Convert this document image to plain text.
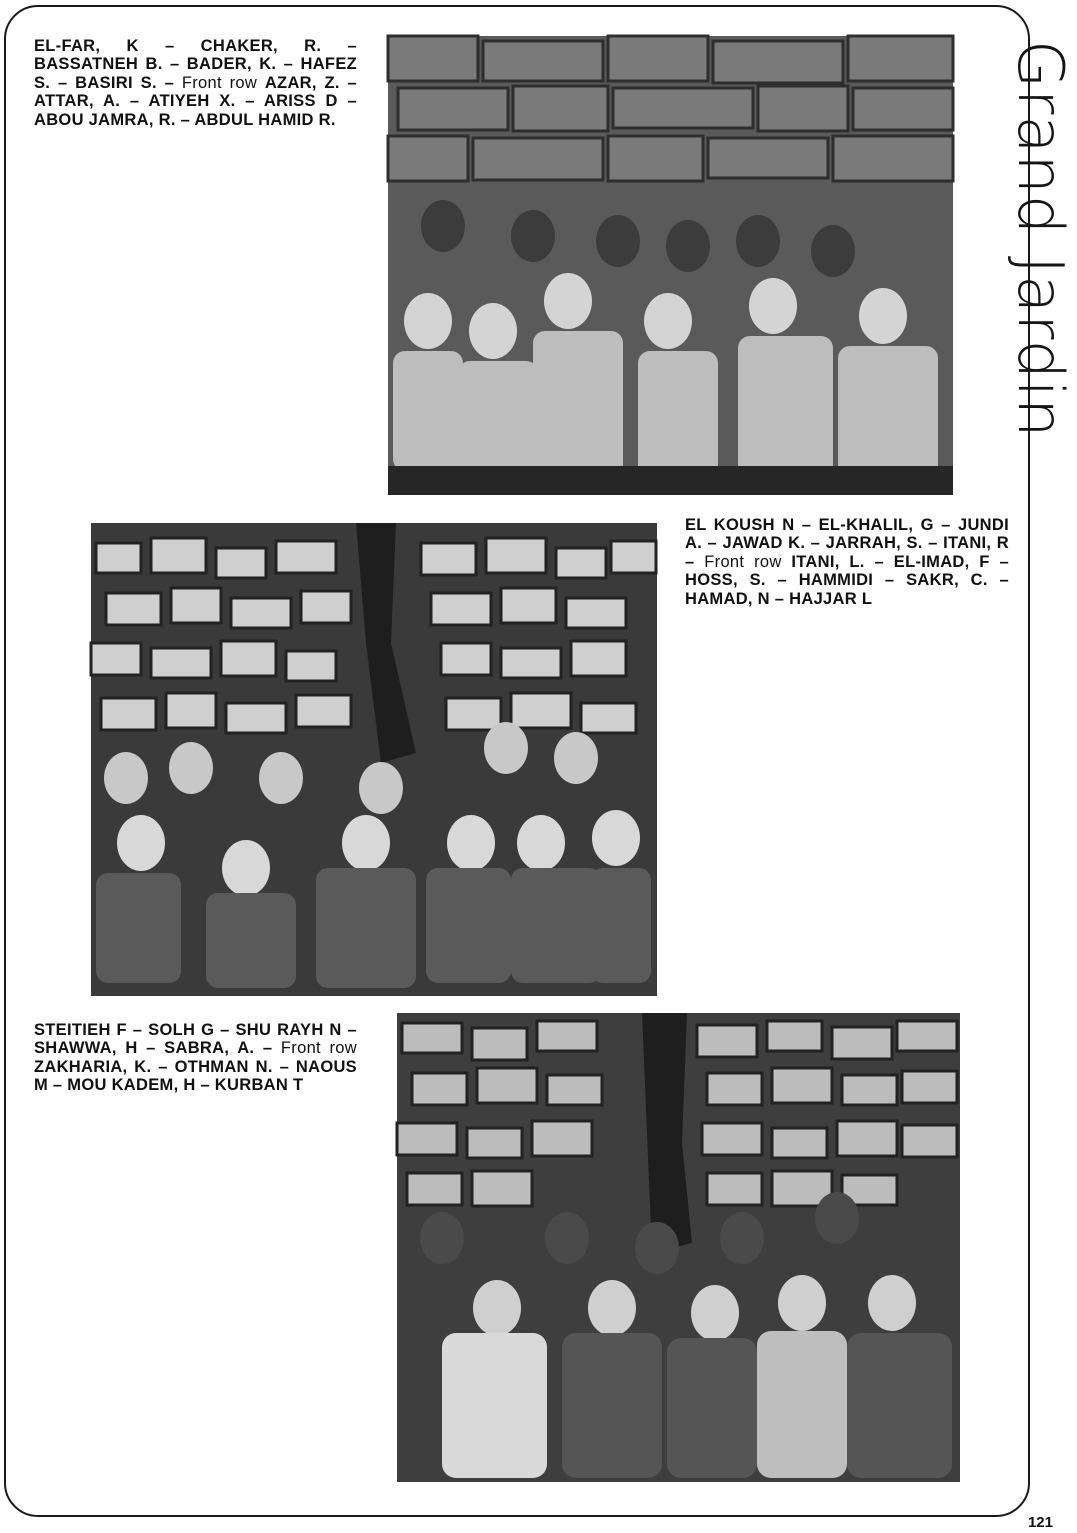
EL-FAR, K – CHAKER, R. – BASSATNEH B. – BADER, K. – HAFEZ S. – BASIRI S. – Front row AZAR, Z. – ATTAR, A. – ATIYEH X. – ARISS D – ABOU JAMRA, R. – ABDUL HAMID R.	Grand Jardin

EL KOUSH N – EL-KHALIL, G – JUNDI A. – JAWAD K. – JARRAH, S. – ITANI, R – Front row ITANI, L. – EL-IMAD, F – HOSS, S. – HAMMIDI – SAKR, C. – HAMAD, N – HAJJAR L

STEITIEH F – SOLH G – SHU RAYH N – SHAWWA, H – SABRA, A. – Front row ZAKHARIA, K. – OTHMAN N. – NAOUS M – MOU KADEM, H – KURBAN T

121
